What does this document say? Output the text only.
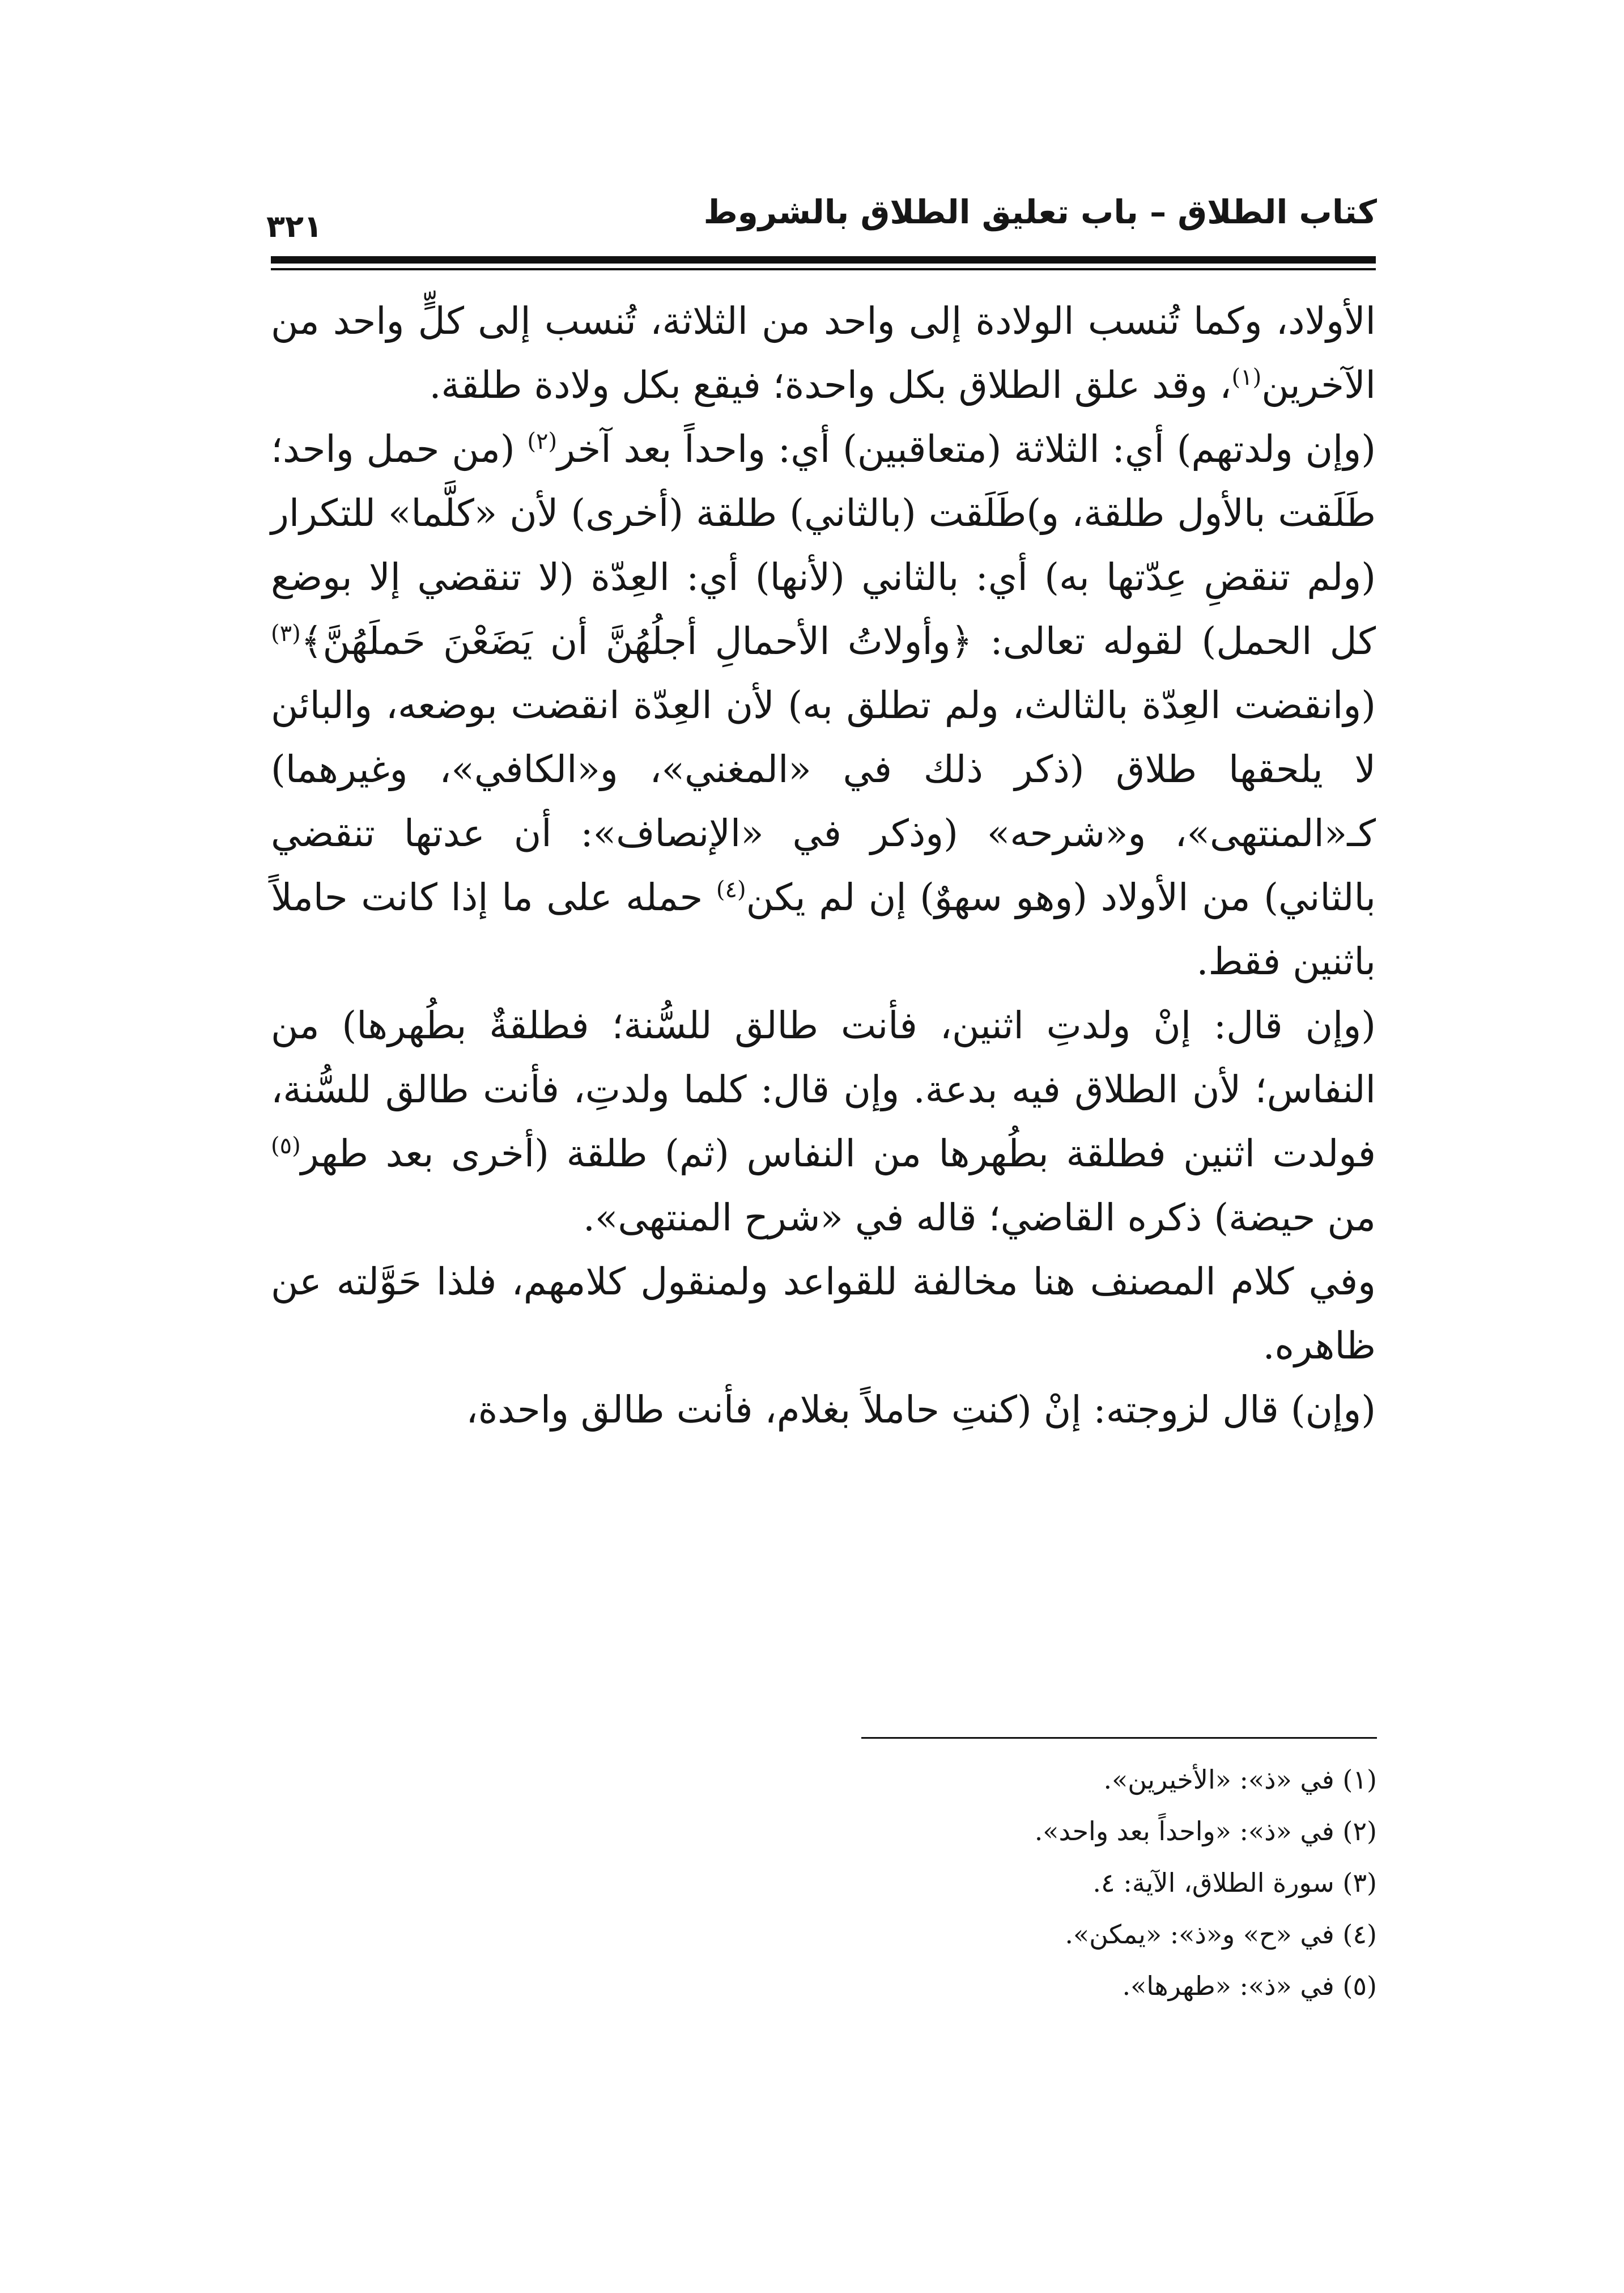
كتاب الطلاق – باب تعليق الطلاق بالشروط
٣٢١

الأولاد، وكما تُنسب الولادة إلى واحد من الثلاثة، تُنسب إلى كلٍّ واحد من الآخرين$^{(١)}$، وقد علق الطلاق بكل واحدة؛ فيقع بكل ولادة طلقة.

(وإن ولدتهم) أي: الثلاثة (متعاقبين) أي: واحداً بعد آخر$^{(٢)}$ (من حمل واحد؛ طَلَقت بالأول طلقة، و)طَلَقت (بالثاني) طلقة (أخرى) لأن «كلَّما» للتكرار (ولم تنقضِ عِدّتها به) أي: بالثاني (لأنها) أي: العِدّة (لا تنقضي إلا بوضع كل الحمل) لقوله تعالى: ﴿وأولاتُ الأحمالِ أجلُهُنَّ أن يَضَعْنَ حَملَهُنَّ﴾$^{(٣)}$ (وانقضت العِدّة بالثالث، ولم تطلق به) لأن العِدّة انقضت بوضعه، والبائن لا يلحقها طلاق (ذكر ذلك في «المغني»، و«الكافي»، وغيرهما) كـ«المنتهى»، و«شرحه» (وذكر في «الإنصاف»: أن عدتها تنقضي بالثاني) من الأولاد (وهو سهوٌ) إن لم يكن$^{(٤)}$ حمله على ما إذا كانت حاملاً باثنين فقط.

(وإن قال: إنْ ولدتِ اثنين، فأنت طالق للسُّنة؛ فطلقةٌ بطُهرها) من النفاس؛ لأن الطلاق فيه بدعة. وإن قال: كلما ولدتِ، فأنت طالق للسُّنة، فولدت اثنين فطلقة بطُهرها من النفاس (ثم) طلقة (أخرى بعد طهر$^{(٥)}$ من حيضة) ذكره القاضي؛ قاله في «شرح المنتهى».

وفي كلام المصنف هنا مخالفة للقواعد ولمنقول كلامهم، فلذا حَوَّلته عن ظاهره.

(وإن) قال لزوجته: إنْ (كنتِ حاملاً بغلام، فأنت طالق واحدة،

(١) في «ذ»: «الأخيرين».

(٢) في «ذ»: «واحداً بعد واحد».

(٣) سورة الطلاق، الآية: ٤.

(٤) في «ح» و«ذ»: «يمكن».

(٥) في «ذ»: «طهرها».
